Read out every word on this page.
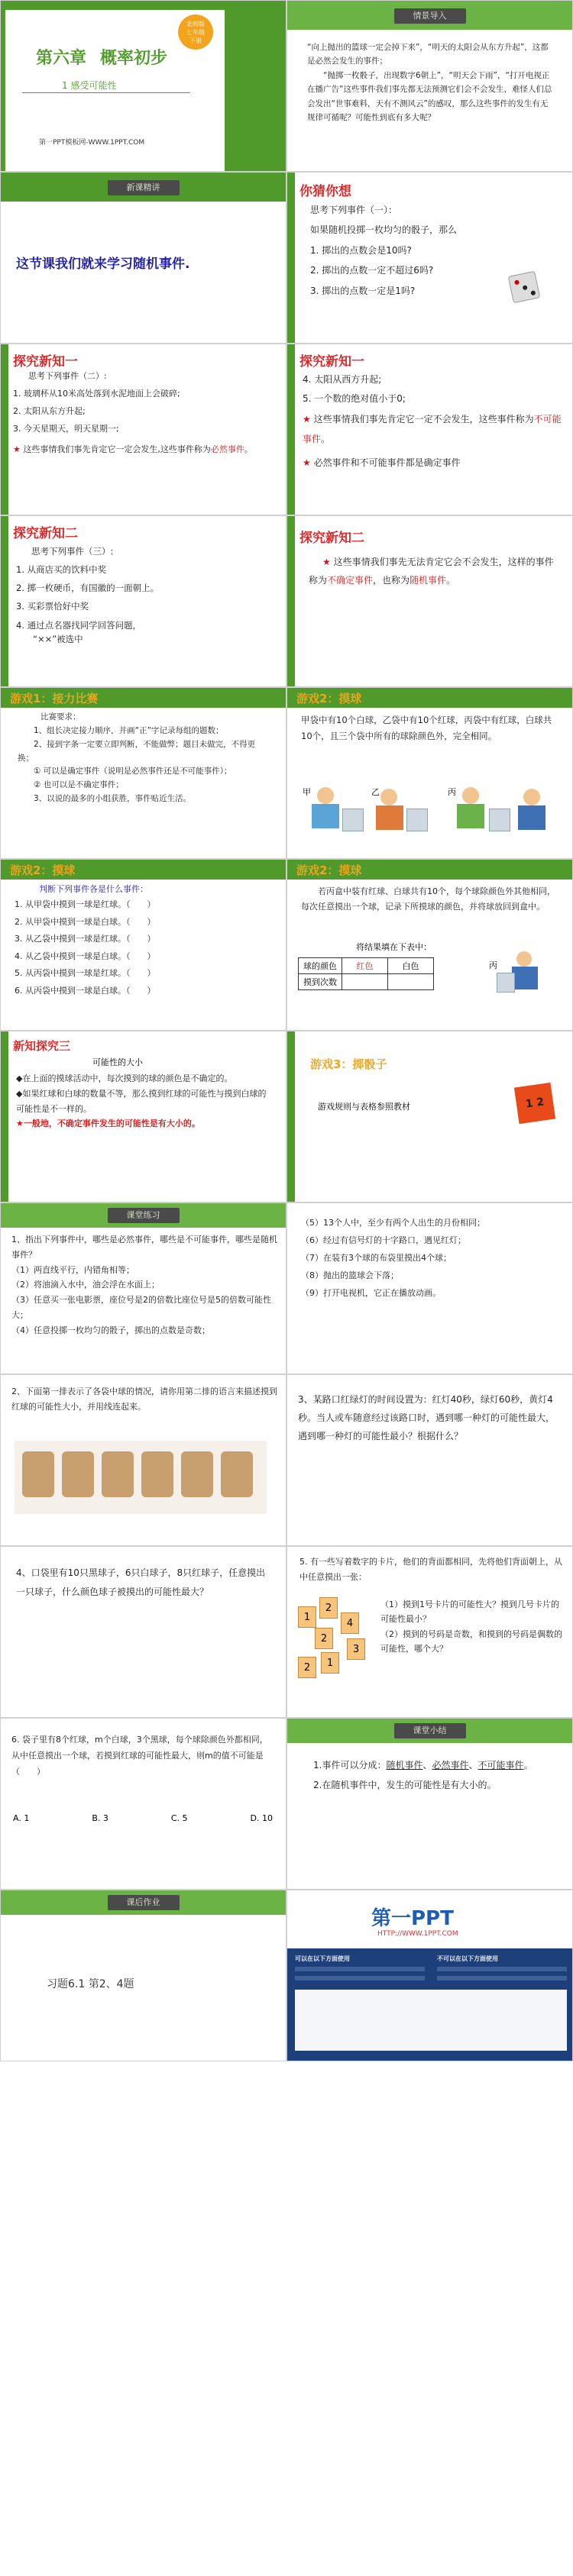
北师版
七年级
下册
第六章 概率初步
1 感受可能性
第一PPT模板网-WWW.1PPT.COM
情景导入

“向上抛出的篮球一定会掉下来”，“明天的太阳会从东方升起”，这都是必然会发生的事件；

“抛掷一枚骰子，出现数字6朝上”，“明天会下雨”，“打开电视正在播广告”这些事件我们事先都无法预测它们会不会发生，难怪人们总会发出“世事难料，天有不测风云”的感叹，那么这些事件的发生有无规律可循呢？可能性到底有多大呢？

新课精讲
这节课我们就来学习随机事件.
你猜你想

思考下列事件（一）：

如果随机投掷一枚均匀的骰子，那么

1. 掷出的点数会是10吗?

2. 掷出的点数一定不超过6吗?

3. 掷出的点数一定是1吗?

探究新知一

思考下列事件（二）:

1. 玻璃杯从10米高处落到水泥地面上会破碎;

2. 太阳从东方升起;

3. 今天星期天，明天星期一;

★ 这些事情我们事先肯定它一定会发生,这些事件称为必然事件。

探究新知一

4. 太阳从西方升起;

5. 一个数的绝对值小于0;

★ 这些事情我们事先肯定它一定不会发生，这些事件称为不可能事件。

★ 必然事件和不可能事件都是确定事件

探究新知二

思考下列事件（三）:

1. 从商店买的饮料中奖

2. 掷一枚硬币，有国徽的一面朝上。

3. 买彩票恰好中奖

4. 通过点名器找同学回答问题，

“××”被选中

探究新知二

★ 这些事情我们事先无法肯定它会不会发生，这样的事件称为不确定事件，也称为随机事件。

游戏1：接力比赛

比赛要求：

1、组长决定接力顺序，并画“正”字记录每组的题数；

2、接到字条一定要立即判断，不能做弊；题目未做完，不得更换；

① 可以是确定事件（说明是必然事件还是不可能事件）；

② 也可以是不确定事件；

3、以说的最多的小组获胜，事件贴近生活。

游戏2：摸球
甲袋中有10个白球，乙袋中有10个红球，丙袋中有红球，白球共10个，且三个袋中所有的球除颜色外，完全相同。
甲	乙	丙
游戏2：摸球
判断下列事件各是什么事件：

1. 从甲袋中摸到一球是红球。（　　）

2. 从甲袋中摸到一球是白球。（　　）

3. 从乙袋中摸到一球是红球。（　　）

4. 从乙袋中摸到一球是白球。（　　）

5. 从丙袋中摸到一球是红球。（　　）

6. 从丙袋中摸到一球是白球。（　　）

游戏2：摸球
若丙盒中装有红球、白球共有10个，每个球除颜色外其他相同，每次任意摸出一个球，记录下所摸球的颜色，并将球放回到盒中。
将结果填在下表中：
球的颜色	红色	白色
摸到次数		
丙
新知探究三
可能性的大小

◆在上面的摸球活动中，每次摸到的球的颜色是不确定的。

◆如果红球和白球的数量不等，那么摸到红球的可能性与摸到白球的可能性是不一样的。

★一般地，不确定事件发生的可能性是有大小的。

游戏3：掷骰子
游戏规则与表格参照教材	1 2
课堂练习

1、指出下列事件中，哪些是必然事件，哪些是不可能事件，哪些是随机事件？

（1）两直线平行，内错角相等；

（2）将油滴入水中，油会浮在水面上；

（3）任意买一张电影票，座位号是2的倍数比座位号是5的倍数可能性大；

（4）任意投掷一枚均匀的骰子，掷出的点数是奇数；

（5）13个人中，至少有两个人出生的月份相同；

（6）经过有信号灯的十字路口，遇见红灯；

（7）在装有3个球的布袋里摸出4个球；

（8）抛出的篮球会下落；

（9）打开电视机，它正在播放动画。

2、下面第一排表示了各袋中球的情况，请你用第二排的语言来描述摸到红球的可能性大小，并用线连起来。
3、某路口红绿灯的时间设置为：红灯40秒，绿灯60秒，黄灯4秒。当人或车随意经过该路口时，遇到哪一种灯的可能性最大，遇到哪一种灯的可能性最小？根据什么？
4、口袋里有10只黑球子，6只白球子，8只红球子，任意摸出一只球子，什么颜色球子被摸出的可能性最大？
5. 有一些写着数字的卡片，他们的背面都相同，先将他们背面朝上，从中任意摸出一张：
1
2
4
2
3
1
2

（1）摸到1号卡片的可能性大？摸到几号卡片的可能性最小？

（2）摸到的号码是奇数，和摸到的号码是偶数的可能性，哪个大？

6. 袋子里有8个红球，m个白球，3个黑球，每个球除颜色外都相同，从中任意摸出一个球，若摸到红球的可能性最大，则m的值不可能是（　　）
A. 1	B. 3	C. 5	D. 10
课堂小结

1.事件可以分成：随机事件、必然事件、不可能事件。

2.在随机事件中，发生的可能性是有大小的。

课后作业
习题6.1 第2、4题
第一PPT
HTTP://WWW.1PPT.COM
可以在以下方面使用	不可以在以下方面使用
